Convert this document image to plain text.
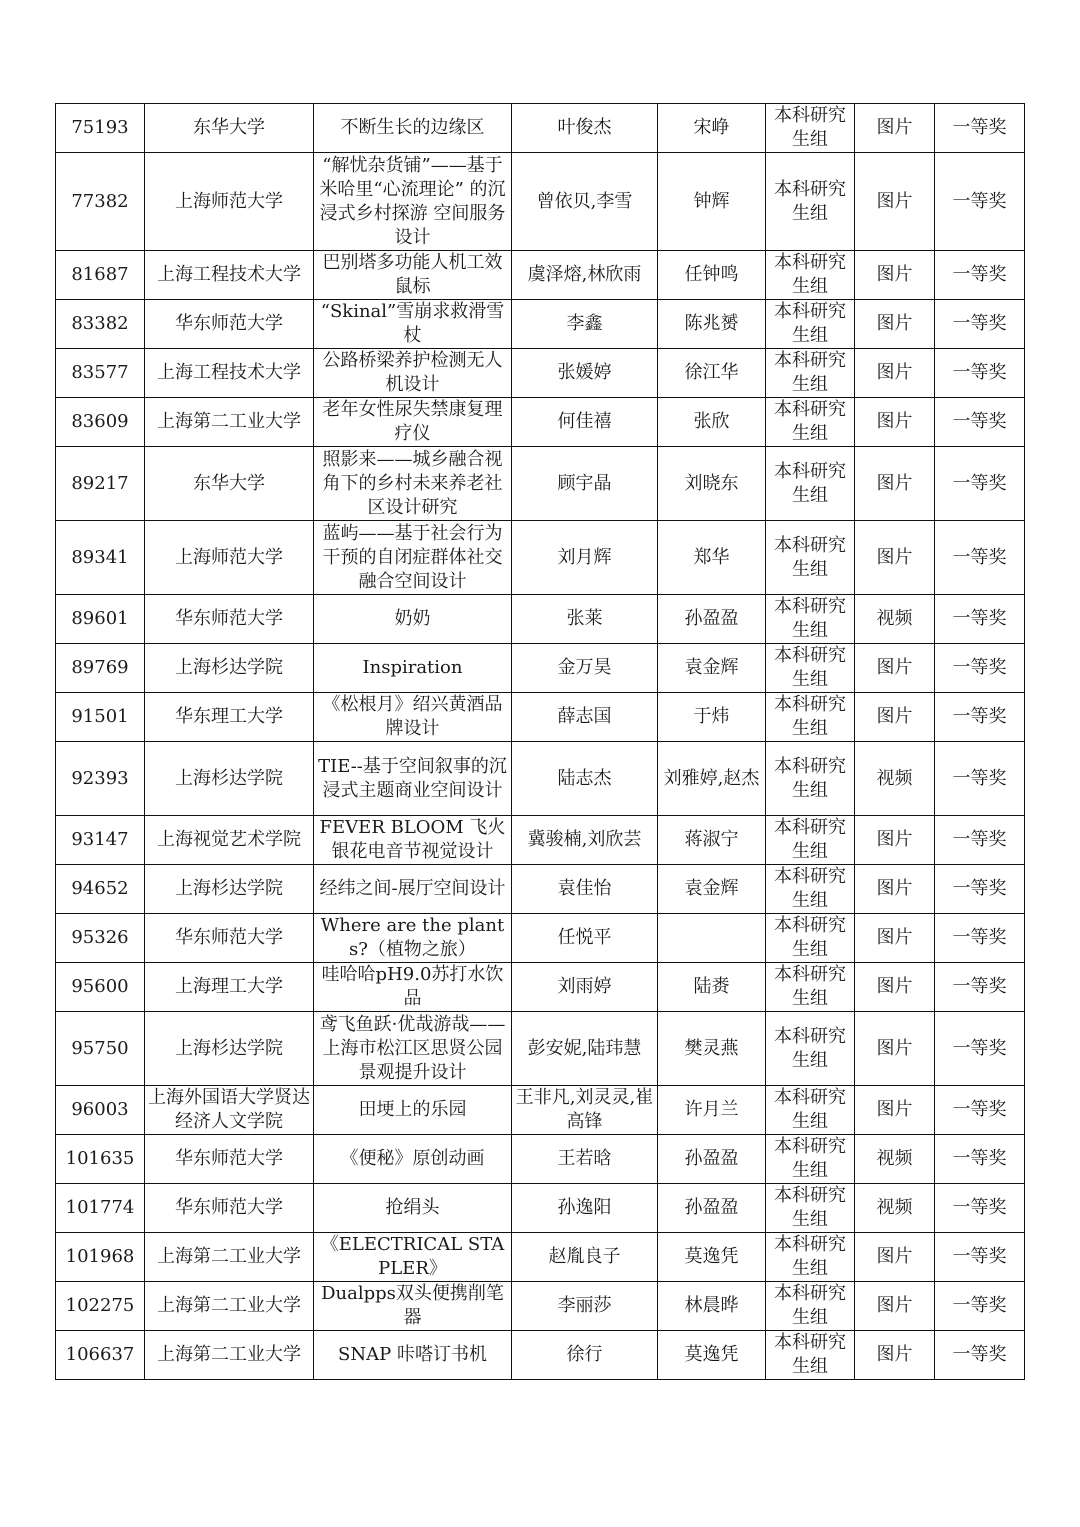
75193	东华大学	不断生长的边缘区	叶俊杰	宋峥	本科研究生组	图片	一等奖
77382	上海师范大学	“解忧杂货铺”——基于米哈里“心流理论” 的沉浸式乡村探游 空间服务设计	曾依贝,李雪	钟辉	本科研究生组	图片	一等奖
81687	上海工程技术大学	巴别塔多功能人机工效鼠标	虞泽熔,林欣雨	任钟鸣	本科研究生组	图片	一等奖
83382	华东师范大学	“Skinal”雪崩求救滑雪杖	李鑫	陈兆赟	本科研究生组	图片	一等奖
83577	上海工程技术大学	公路桥梁养护检测无人机设计	张媛婷	徐江华	本科研究生组	图片	一等奖
83609	上海第二工业大学	老年女性尿失禁康复理疗仪	何佳禧	张欣	本科研究生组	图片	一等奖
89217	东华大学	照影来——城乡融合视角下的乡村未来养老社区设计研究	顾宇晶	刘晓东	本科研究生组	图片	一等奖
89341	上海师范大学	蓝屿——基于社会行为干预的自闭症群体社交融合空间设计	刘月辉	郑华	本科研究生组	图片	一等奖
89601	华东师范大学	奶奶	张莱	孙盈盈	本科研究生组	视频	一等奖
89769	上海杉达学院	Inspiration	金万昊	袁金辉	本科研究生组	图片	一等奖
91501	华东理工大学	《松根月》绍兴黄酒品牌设计	薛志国	于炜	本科研究生组	图片	一等奖
92393	上海杉达学院	TIE--基于空间叙事的沉浸式主题商业空间设计	陆志杰	刘雅婷,赵杰	本科研究生组	视频	一等奖
93147	上海视觉艺术学院	FEVER BLOOM 飞火银花电音节视觉设计	冀骏楠,刘欣芸	蒋淑宁	本科研究生组	图片	一等奖
94652	上海杉达学院	经纬之间-展厅空间设计	袁佳怡	袁金辉	本科研究生组	图片	一等奖
95326	华东师范大学	Where are the plants?（植物之旅）	任悦平		本科研究生组	图片	一等奖
95600	上海理工大学	哇哈哈pH9.0苏打水饮品	刘雨婷	陆赉	本科研究生组	图片	一等奖
95750	上海杉达学院	鸢飞鱼跃·优哉游哉——上海市松江区思贤公园景观提升设计	彭安妮,陆玮慧	樊灵燕	本科研究生组	图片	一等奖
96003	上海外国语大学贤达经济人文学院	田埂上的乐园	王非凡,刘灵灵,崔高锋	许月兰	本科研究生组	图片	一等奖
101635	华东师范大学	《便秘》原创动画	王若晗	孙盈盈	本科研究生组	视频	一等奖
101774	华东师范大学	抢绢头	孙逸阳	孙盈盈	本科研究生组	视频	一等奖
101968	上海第二工业大学	《ELECTRICAL STAPLER》	赵胤良子	莫逸凭	本科研究生组	图片	一等奖
102275	上海第二工业大学	Dualpps双头便携削笔器	李丽莎	林晨晔	本科研究生组	图片	一等奖
106637	上海第二工业大学	SNAP 咔嗒订书机	徐行	莫逸凭	本科研究生组	图片	一等奖
